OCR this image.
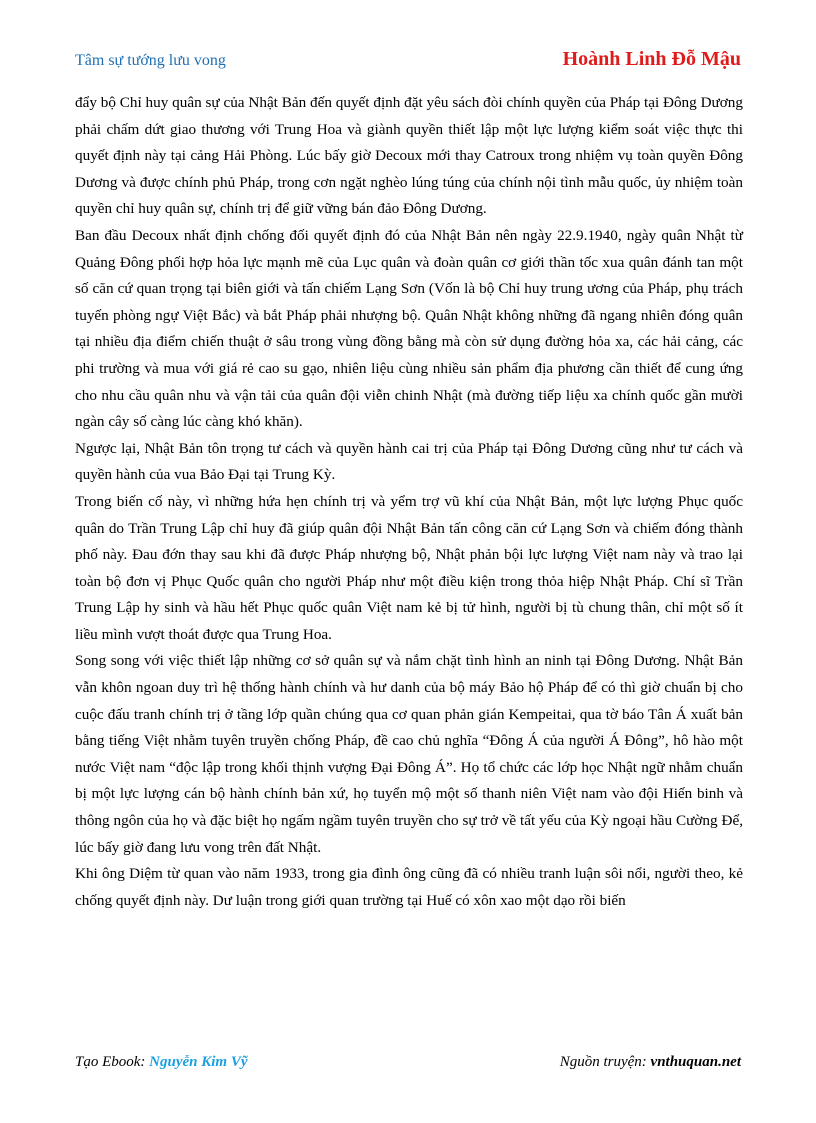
Tâm sự tướng lưu vong	Hoành Linh Đỗ Mậu

đẩy bộ Chỉ huy quân sự của Nhật Bản đến quyết định đặt yêu sách đòi chính quyền của Pháp tại Đông Dương phải chấm dứt giao thương với Trung Hoa và giành quyền thiết lập một lực lượng kiểm soát việc thực thi quyết định này tại cảng Hải Phòng. Lúc bấy giờ Decoux mới thay Catroux trong nhiệm vụ toàn quyền Đông Dương và được chính phủ Pháp, trong cơn ngặt nghèo lúng túng của chính nội tình mẫu quốc, ủy nhiệm toàn quyền chỉ huy quân sự, chính trị để giữ vững bán đảo Đông Dương.

Ban đầu Decoux nhất định chống đối quyết định đó của Nhật Bản nên ngày 22.9.1940, ngày quân Nhật từ Quảng Đông phối hợp hỏa lực mạnh mẽ của Lục quân và đoàn quân cơ giới thần tốc xua quân đánh tan một số căn cứ quan trọng tại biên giới và tấn chiếm Lạng Sơn (Vốn là bộ Chỉ huy trung ương của Pháp, phụ trách tuyến phòng ngự Việt Bắc) và bắt Pháp phải nhượng bộ. Quân Nhật không những đã ngang nhiên đóng quân tại nhiều địa điểm chiến thuật ở sâu trong vùng đồng bằng mà còn sử dụng đường hỏa xa, các hải cảng, các phi trường và mua với giá rẻ cao su gạo, nhiên liệu cùng nhiều sản phẩm địa phương cần thiết để cung ứng cho nhu cầu quân nhu và vận tải của quân đội viễn chinh Nhật (mà đường tiếp liệu xa chính quốc gần mười ngàn cây số càng lúc càng khó khăn).

Ngược lại, Nhật Bản tôn trọng tư cách và quyền hành cai trị của Pháp tại Đông Dương cũng như tư cách và quyền hành của vua Bảo Đại tại Trung Kỳ.

Trong biến cố này, vì những hứa hẹn chính trị và yểm trợ vũ khí của Nhật Bản, một lực lượng Phục quốc quân do Trần Trung Lập chỉ huy đã giúp quân đội Nhật Bản tấn công căn cứ Lạng Sơn và chiếm đóng thành phố này. Đau đớn thay sau khi đã được Pháp nhượng bộ, Nhật phản bội lực lượng Việt nam này và trao lại toàn bộ đơn vị Phục Quốc quân cho người Pháp như một điều kiện trong thỏa hiệp Nhật Pháp. Chí sĩ Trần Trung Lập hy sinh và hầu hết Phục quốc quân Việt nam kẻ bị tử hình, người bị tù chung thân, chỉ một số ít liều mình vượt thoát được qua Trung Hoa.

Song song với việc thiết lập những cơ sở quân sự và nắm chặt tình hình an ninh tại Đông Dương. Nhật Bản vẫn khôn ngoan duy trì hệ thống hành chính và hư danh của bộ máy Bảo hộ Pháp để có thì giờ chuẩn bị cho cuộc đấu tranh chính trị ở tầng lớp quần chúng qua cơ quan phản gián Kempeitai, qua tờ báo Tân Á xuất bản bằng tiếng Việt nhằm tuyên truyền chống Pháp, đề cao chủ nghĩa “Đông Á của người Á Đông”, hô hào một nước Việt nam “độc lập trong khối thịnh vượng Đại Đông Á”. Họ tổ chức các lớp học Nhật ngữ nhằm chuẩn bị một lực lượng cán bộ hành chính bản xứ, họ tuyển mộ một số thanh niên Việt nam vào đội Hiến binh và thông ngôn của họ và đặc biệt họ ngấm ngầm tuyên truyền cho sự trở về tất yếu của Kỳ ngoại hầu Cường Để, lúc bấy giờ đang lưu vong trên đất Nhật.

Khi ông Diệm từ quan vào năm 1933, trong gia đình ông cũng đã có nhiều tranh luận sôi nổi, người theo, kẻ chống quyết định này. Dư luận trong giới quan trường tại Huế có xôn xao một dạo rồi biến

Tạo Ebook: Nguyễn Kim Vỹ	Nguồn truyện: vnthuquan.net
